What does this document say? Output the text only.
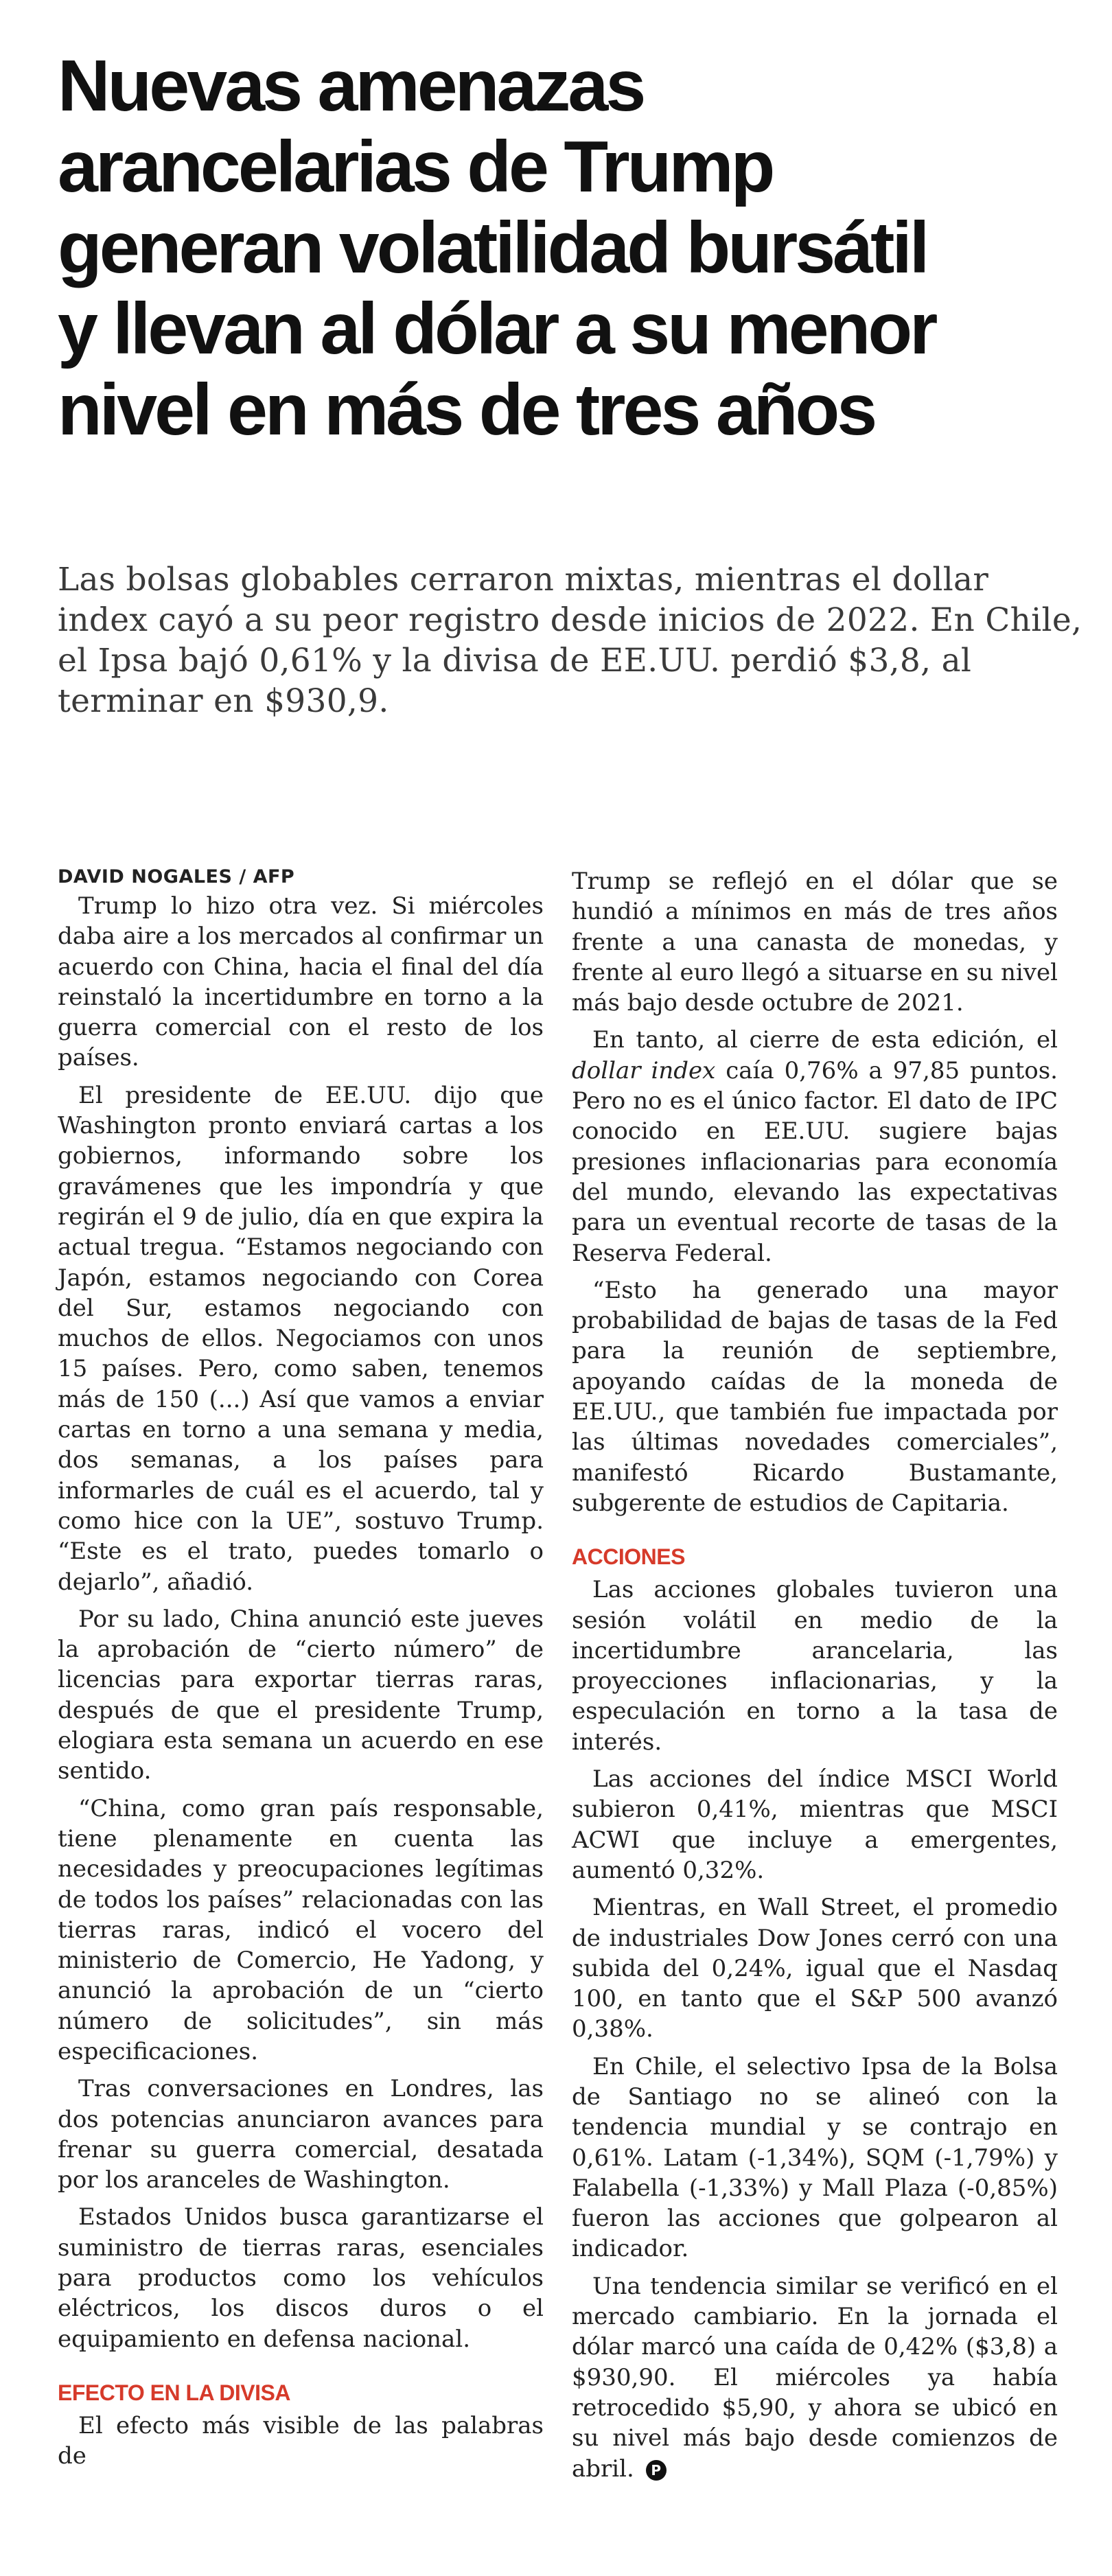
Nuevas amenazas
arancelarias de Trump
generan volatilidad bursátil
y llevan al dólar a su menor
nivel en más de tres años

Las bolsas globables cerraron mixtas, mientras el dollar index cayó a su peor registro desde inicios de 2022. En Chile, el Ipsa bajó 0,61% y la divisa de EE.UU. perdió $3,8, al terminar en $930,9.

DAVID NOGALES / AFP

Trump lo hizo otra vez. Si miércoles daba aire a los mercados al confirmar un acuerdo con China, hacia el final del día reinstaló la incertidumbre en torno a la guerra comercial con el resto de los países.

El presidente de EE.UU. dijo que Washington pronto enviará cartas a los gobiernos, informando sobre los gravámenes que les impondría y que regirán el 9 de julio, día en que expira la actual tregua. “Estamos negociando con Japón, estamos negociando con Corea del Sur, estamos negociando con muchos de ellos. Negociamos con unos 15 países. Pero, como saben, tenemos más de 150 (...) Así que vamos a enviar cartas en torno a una semana y media, dos semanas, a los países para informarles de cuál es el acuerdo, tal y como hice con la UE”, sostuvo Trump. “Este es el trato, puedes tomarlo o dejarlo”, añadió.

Por su lado, China anunció este jueves la aprobación de “cierto número” de licencias para exportar tierras raras, después de que el presidente Trump, elogiara esta semana un acuerdo en ese sentido.

“China, como gran país responsable, tiene plenamente en cuenta las necesidades y preocupaciones legítimas de todos los países” relacionadas con las tierras raras, indicó el vocero del ministerio de Comercio, He Yadong, y anunció la aprobación de un “cierto número de solicitudes”, sin más especificaciones.

Tras conversaciones en Londres, las dos potencias anunciaron avances para frenar su guerra comercial, desatada por los aranceles de Washington.

Estados Unidos busca garantizarse el suministro de tierras raras, esenciales para productos como los vehículos eléctricos, los discos duros o el equipamiento en defensa nacional.

EFECTO EN LA DIVISA

El efecto más visible de las palabras de

Trump se reflejó en el dólar que se hundió a mínimos en más de tres años frente a una canasta de monedas, y frente al euro llegó a situarse en su nivel más bajo desde octubre de 2021.

En tanto, al cierre de esta edición, el dollar index caía 0,76% a 97,85 puntos. Pero no es el único factor. El dato de IPC conocido en EE.UU. sugiere bajas presiones inflacionarias para economía del mundo, elevando las expectativas para un eventual recorte de tasas de la Reserva Federal.

“Esto ha generado una mayor probabilidad de bajas de tasas de la Fed para la reunión de septiembre, apoyando caídas de la moneda de EE.UU., que también fue impactada por las últimas novedades comerciales”, manifestó Ricardo Bustamante, subgerente de estudios de Capitaria.

ACCIONES

Las acciones globales tuvieron una sesión volátil en medio de la incertidumbre arancelaria, las proyecciones inflacionarias, y la especulación en torno a la tasa de interés.

Las acciones del índice MSCI World subieron 0,41%, mientras que MSCI ACWI que incluye a emergentes, aumentó 0,32%.

Mientras, en Wall Street, el promedio de industriales Dow Jones cerró con una subida del 0,24%, igual que el Nasdaq 100, en tanto que el S&P 500 avanzó 0,38%.

En Chile, el selectivo Ipsa de la Bolsa de Santiago no se alineó con la tendencia mundial y se contrajo en 0,61%. Latam (-1,34%), SQM (-1,79%) y Falabella (-1,33%) y Mall Plaza (-0,85%) fueron las acciones que golpearon al indicador.

Una tendencia similar se verificó en el mercado cambiario. En la jornada el dólar marcó una caída de 0,42% ($3,8) a $930,90. El miércoles ya había retrocedido $5,90, y ahora se ubicó en su nivel más bajo desde comienzos de abril. P
